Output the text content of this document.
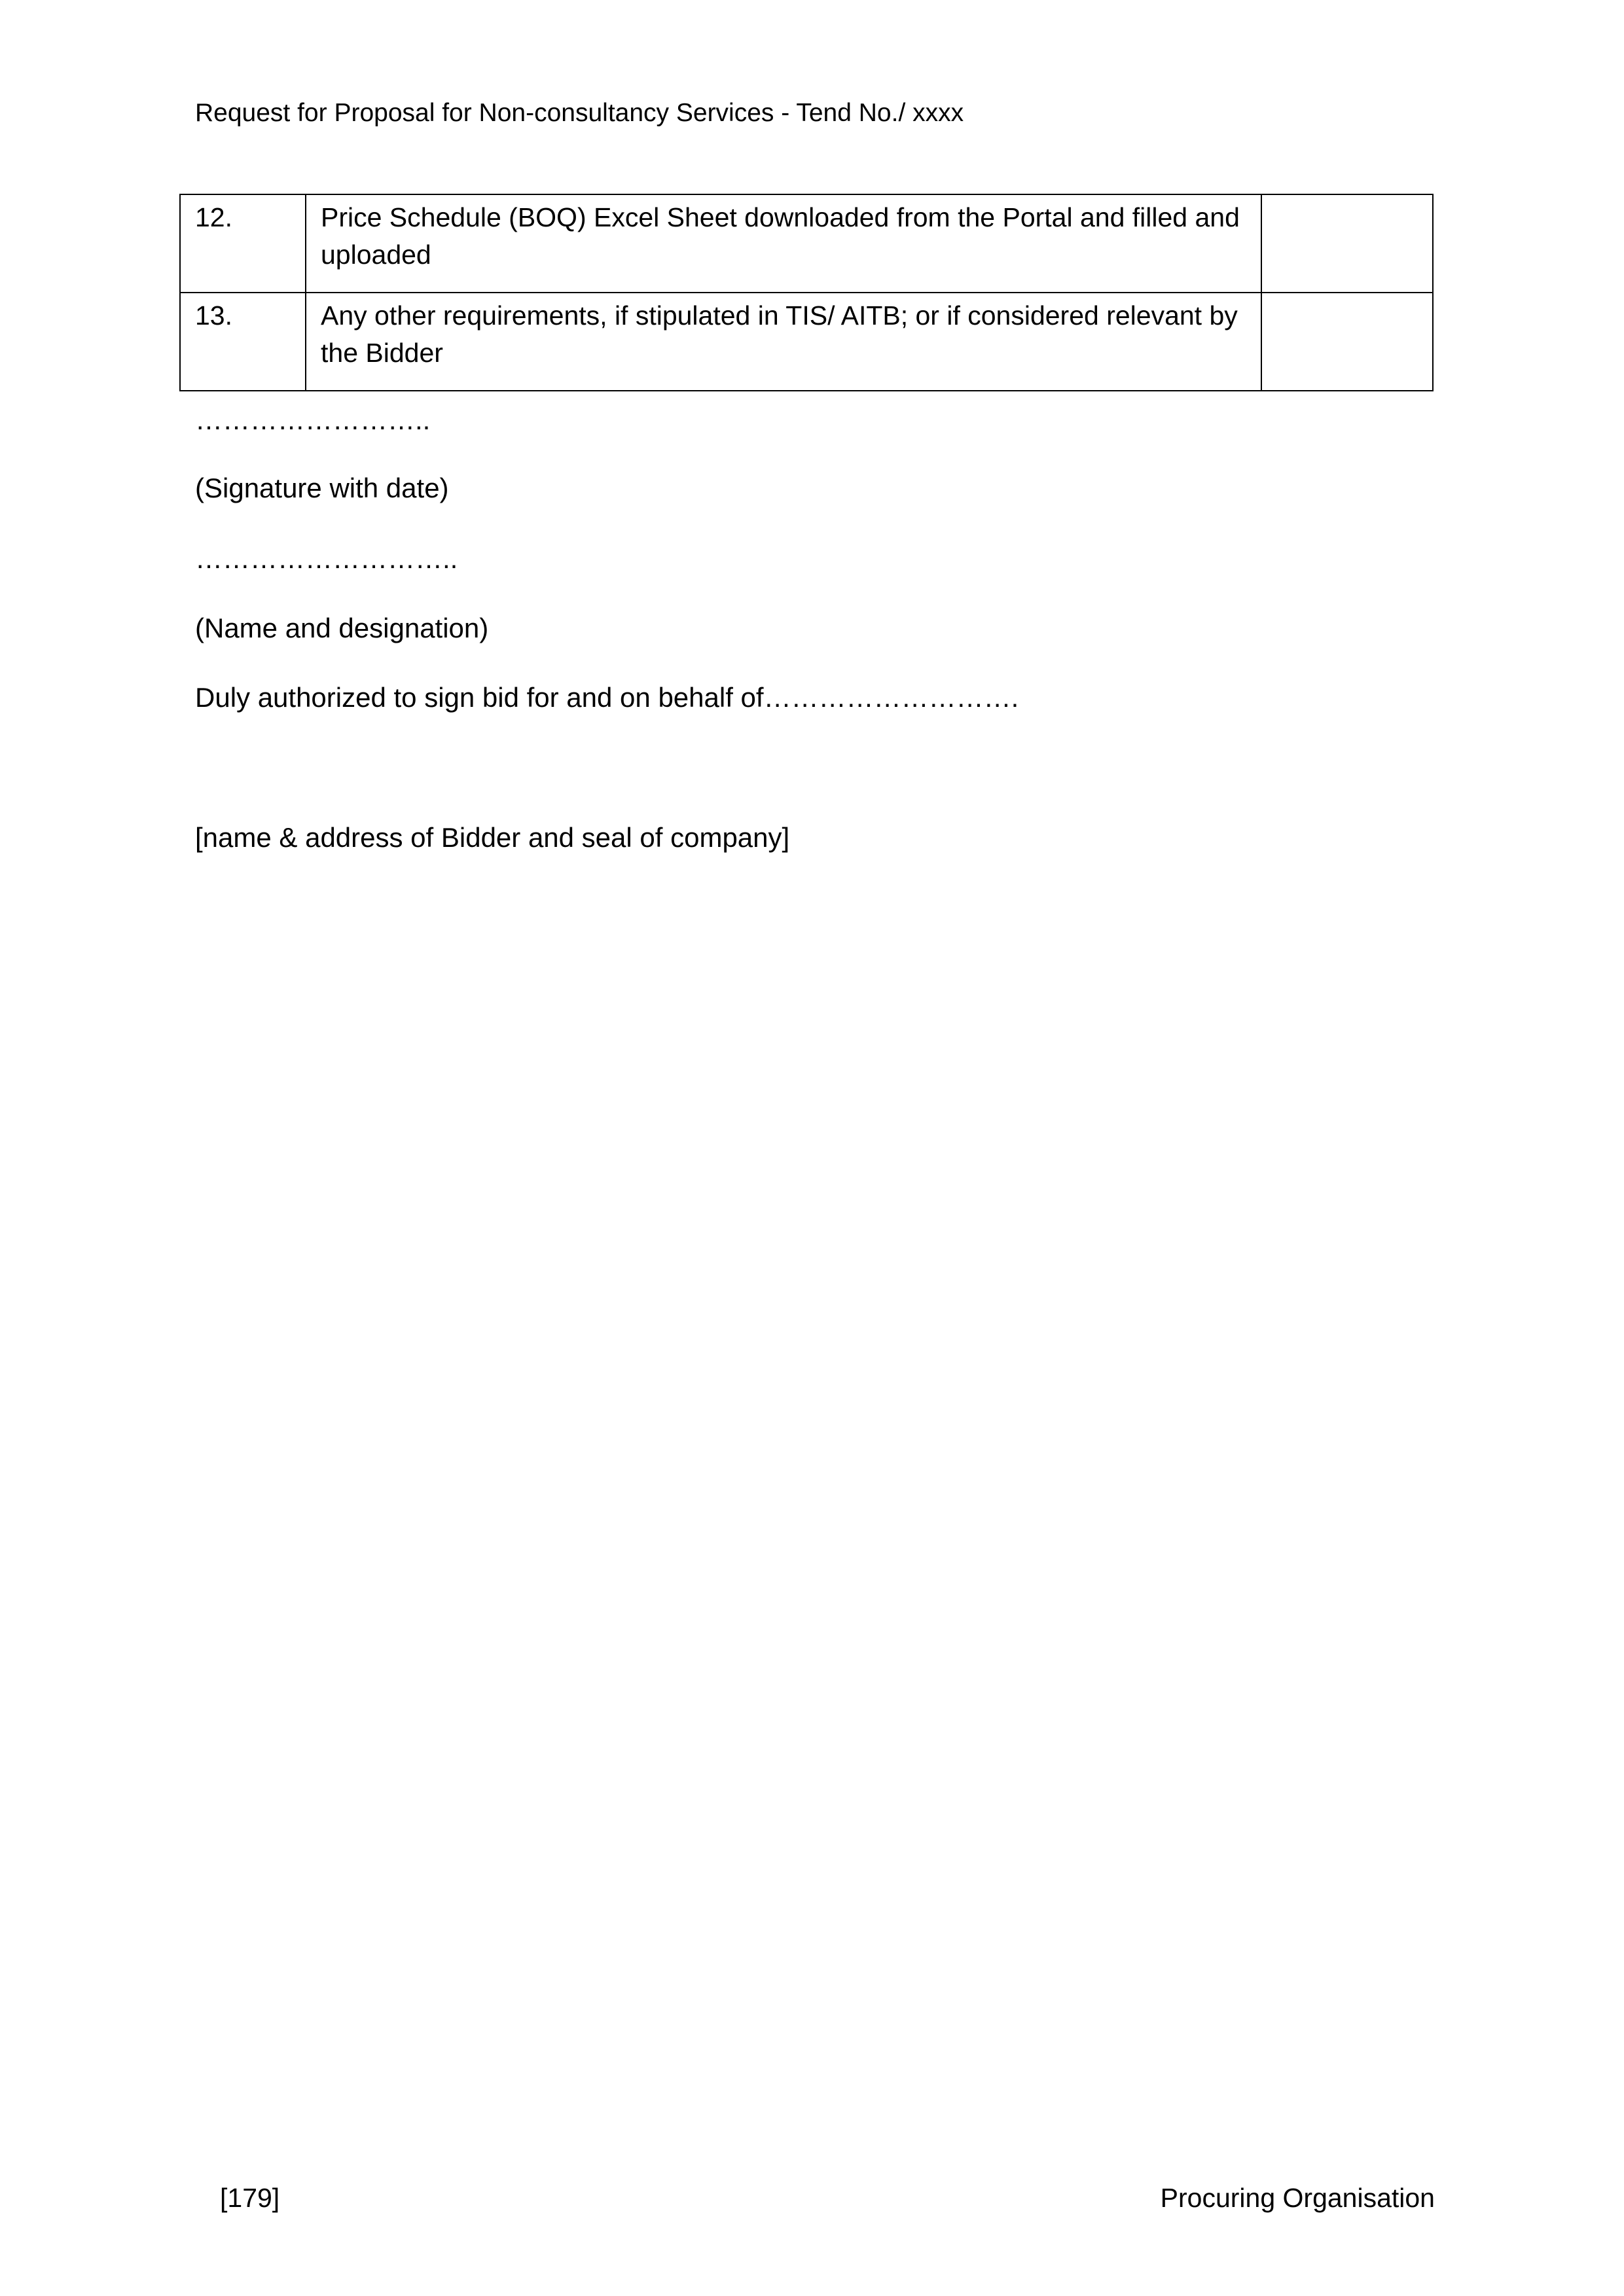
Request for Proposal for Non-consultancy Services - Tend No./ xxxx
12.	Price Schedule (BOQ) Excel Sheet downloaded from the Portal and filled and uploaded	
13.	Any other requirements, if stipulated in TIS/ AITB; or if considered relevant by the Bidder	
……………………..
(Signature with date)
………………………..
(Name and designation)
Duly authorized to sign bid for and on behalf of……………………….
[name & address of Bidder and seal of company]
[179]	Procuring Organisation
